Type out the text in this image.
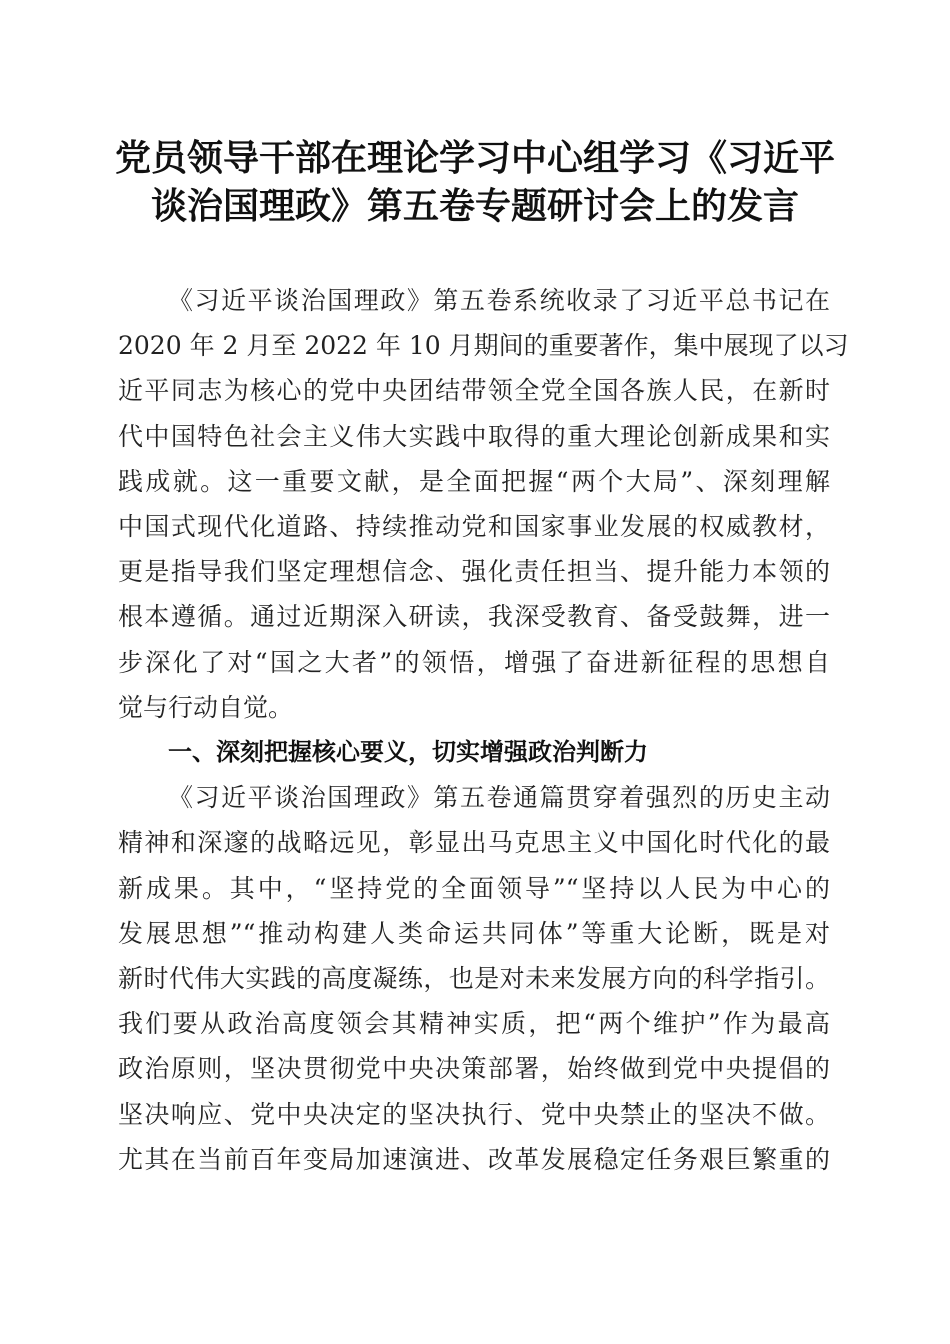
党员领导干部在理论学习中心组学习《习近平
谈治国理政》第五卷专题研讨会上的发言

《习近平谈治国理政》第五卷系统收录了习近平总书记在
2020 年 2 月至 2022 年 10 月期间的重要著作，集中展现了以习
近平同志为核心的党中央团结带领全党全国各族人民，在新时
代中国特色社会主义伟大实践中取得的重大理论创新成果和实
践成就。这一重要文献，是全面把握“两个大局”、深刻理解
中国式现代化道路、持续推动党和国家事业发展的权威教材，
更是指导我们坚定理想信念、强化责任担当、提升能力本领的
根本遵循。通过近期深入研读，我深受教育、备受鼓舞，进一
步深化了对“国之大者”的领悟，增强了奋进新征程的思想自
觉与行动自觉。

一、深刻把握核心要义，切实增强政治判断力

《习近平谈治国理政》第五卷通篇贯穿着强烈的历史主动
精神和深邃的战略远见，彰显出马克思主义中国化时代化的最
新成果。其中，“坚持党的全面领导”“坚持以人民为中心的
发展思想”“推动构建人类命运共同体”等重大论断，既是对
新时代伟大实践的高度凝练，也是对未来发展方向的科学指引。
我们要从政治高度领会其精神实质，把“两个维护”作为最高
政治原则，坚决贯彻党中央决策部署，始终做到党中央提倡的
坚决响应、党中央决定的坚决执行、党中央禁止的坚决不做。
尤其在当前百年变局加速演进、改革发展稳定任务艰巨繁重的
